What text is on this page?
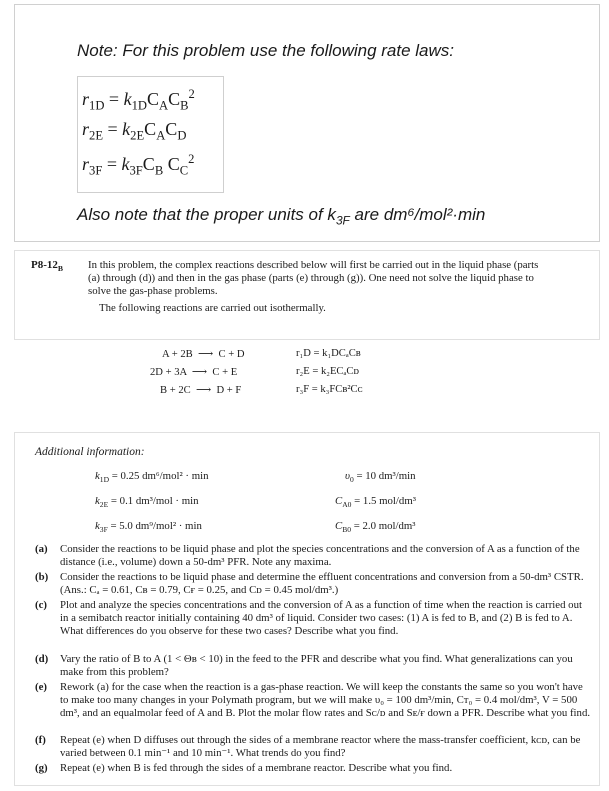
Note: For this problem use the following rate laws:
$r_{1D} = k_{1D}C_AC_B^2$
$r_{2E} = k_{2E}C_AC_D$
$r_{3F} = k_{3F}C_B$ $C_C^2$
Also note that the proper units of $k_{3F}$ are dm⁶/mol²·min
$P8-12_B$ In this problem, the complex reactions described below will first be carried out in the liquid phase (parts (a) through (d)) and then in the gas phase (parts (e) through (g)). One need not solve the liquid phase to solve the gas-phase problems.
The following reactions are carried out isothermally.
A + 2B  ⟶  C + D	r₁D = k₁DCₐCʙ
2D + 3A  ⟶  C + E	r₂E = k₂ECₐCᴅ
B + 2C  ⟶  D + F	r₃F = k₃FCʙ²Cᴄ
Additional information:
$k_{1D} = 0.25$ dm⁶/mol² · min	$\upsilon_0 = 10$ dm³/min
$k_{2E} = 0.1$ dm³/mol · min	$C_{A0} = 1.5$ mol/dm³
$k_{3F} = 5.0$ dm⁹/mol² · min	$C_{B0} = 2.0$ mol/dm³
(a) Consider the reactions to be liquid phase and plot the species concentrations and the conversion of A as a function of the distance (i.e., volume) down a 50-dm³ PFR. Note any maxima.
(b) Consider the reactions to be liquid phase and determine the effluent concentrations and conversion from a 50-dm³ CSTR. (Ans.: Cₐ = 0.61, Cʙ = 0.79, Cғ = 0.25, and Cᴅ = 0.45 mol/dm³.)
(c) Plot and analyze the species concentrations and the conversion of A as a function of time when the reaction is carried out in a semibatch reactor initially containing 40 dm³ of liquid. Consider two cases: (1) A is fed to B, and (2) B is fed to A. What differences do you observe for these two cases? Describe what you find.
(d) Vary the ratio of B to A (1 < Θʙ < 10) in the feed to the PFR and describe what you find. What generalizations can you make from this problem?
(e) Rework (a) for the case when the reaction is a gas-phase reaction. We will keep the constants the same so you won't have to make too many changes in your Polymath program, but we will make υ₀ = 100 dm³/min, Cᴛ₀ = 0.4 mol/dm³, V = 500 dm³, and an equalmolar feed of A and B. Plot the molar flow rates and Sᴄ/ᴅ and Sᴇ/ғ down a PFR. Describe what you find.
(f) Repeat (e) when D diffuses out through the sides of a membrane reactor where the mass-transfer coefficient, kᴄᴅ, can be varied between 0.1 min⁻¹ and 10 min⁻¹. What trends do you find?
(g) Repeat (e) when B is fed through the sides of a membrane reactor. Describe what you find.
